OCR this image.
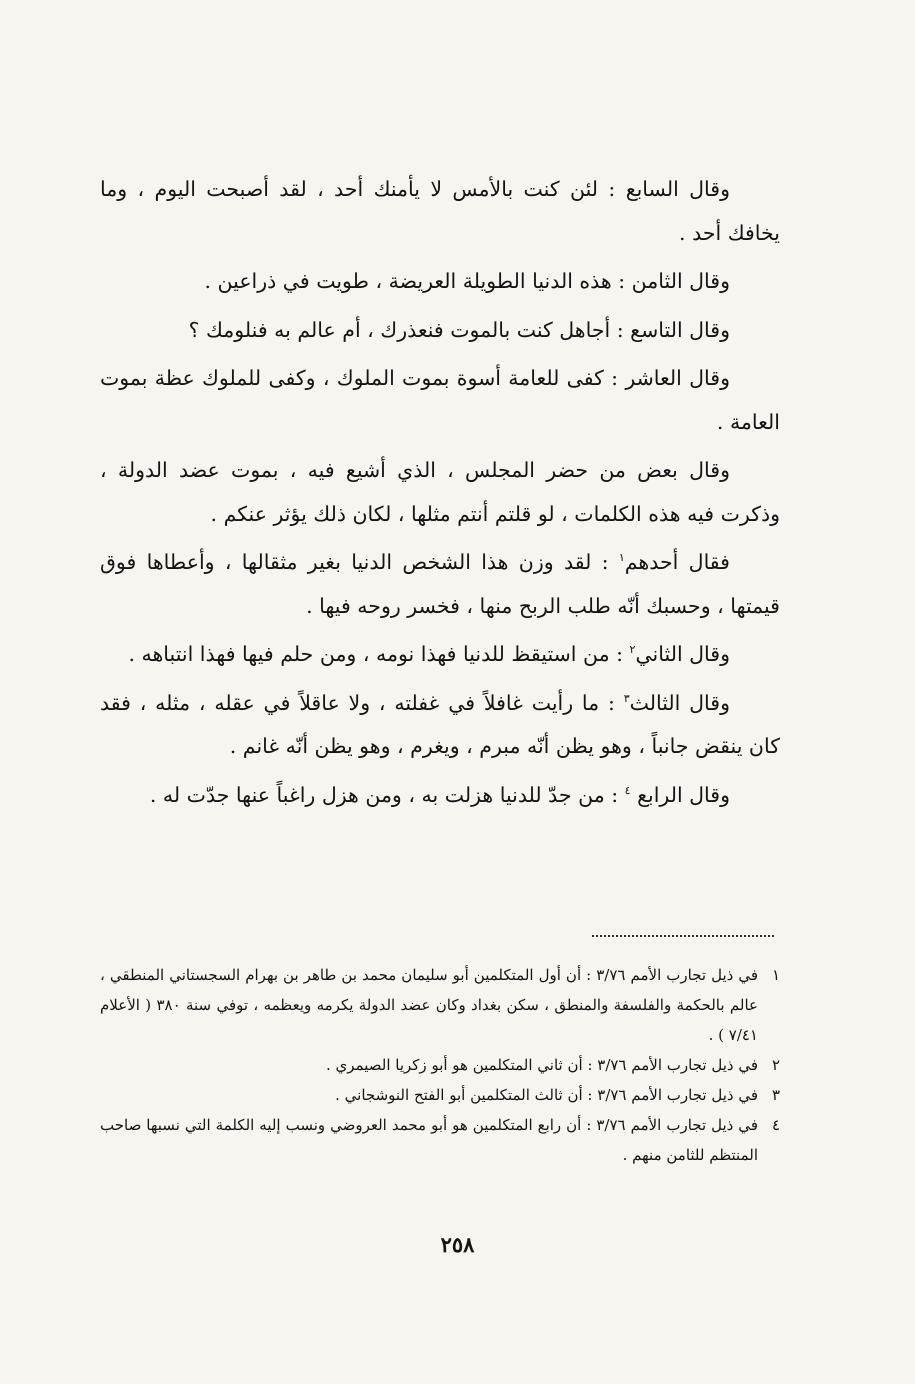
وقال السابع : لئن كنت بالأمس لا يأمنك أحد ، لقد أصبحت اليوم ، وما يخافك أحد .

وقال الثامن : هذه الدنيا الطويلة العريضة ، طويت في ذراعين .

وقال التاسع : أجاهل كنت بالموت فنعذرك ، أم عالم به فنلومك ؟

وقال العاشر : كفى للعامة أسوة بموت الملوك ، وكفى للملوك عظة بموت العامة .

وقال بعض من حضر المجلس ، الذي أشيع فيه ، بموت عضد الدولة ، وذكرت فيه هذه الكلمات ، لو قلتم أنتم مثلها ، لكان ذلك يؤثر عنكم .

فقال أحدهم$^١$ : لقد وزن هذا الشخص الدنيا بغير مثقالها ، وأعطاها فوق قيمتها ، وحسبك أنّه طلب الربح منها ، فخسر روحه فيها .

وقال الثاني$^٢$ : من استيقظ للدنيا فهذا نومه ، ومن حلم فيها فهذا انتباهه .

وقال الثالث$^٣$ : ما رأيت غافلاً في غفلته ، ولا عاقلاً في عقله ، مثله ، فقد كان ينقض جانباً ، وهو يظن أنّه مبرم ، ويغرم ، وهو يظن أنّه غانم .

وقال الرابع $^٤$ : من جدّ للدنيا هزلت به ، ومن هزل راغباً عنها جدّت له .

١
في ذيل تجارب الأمم ٣/٧٦ : أن أول المتكلمين أبو سليمان محمد بن طاهر بن بهرام السجستاني المنطقي ، عالم بالحكمة والفلسفة والمنطق ، سكن بغداد وكان عضد الدولة يكرمه ويعظمه ، توفي سنة ٣٨٠ ( الأعلام ٧/٤١ ) .
٢
في ذيل تجارب الأمم ٣/٧٦ : أن ثاني المتكلمين هو أبو زكريا الصيمري .
٣
في ذيل تجارب الأمم ٣/٧٦ : أن ثالث المتكلمين أبو الفتح النوشجاني .
٤
في ذيل تجارب الأمم ٣/٧٦ : أن رابع المتكلمين هو أبو محمد العروضي ونسب إليه الكلمة التي نسبها صاحب المنتظم للثامن منهم .
٢٥٨
